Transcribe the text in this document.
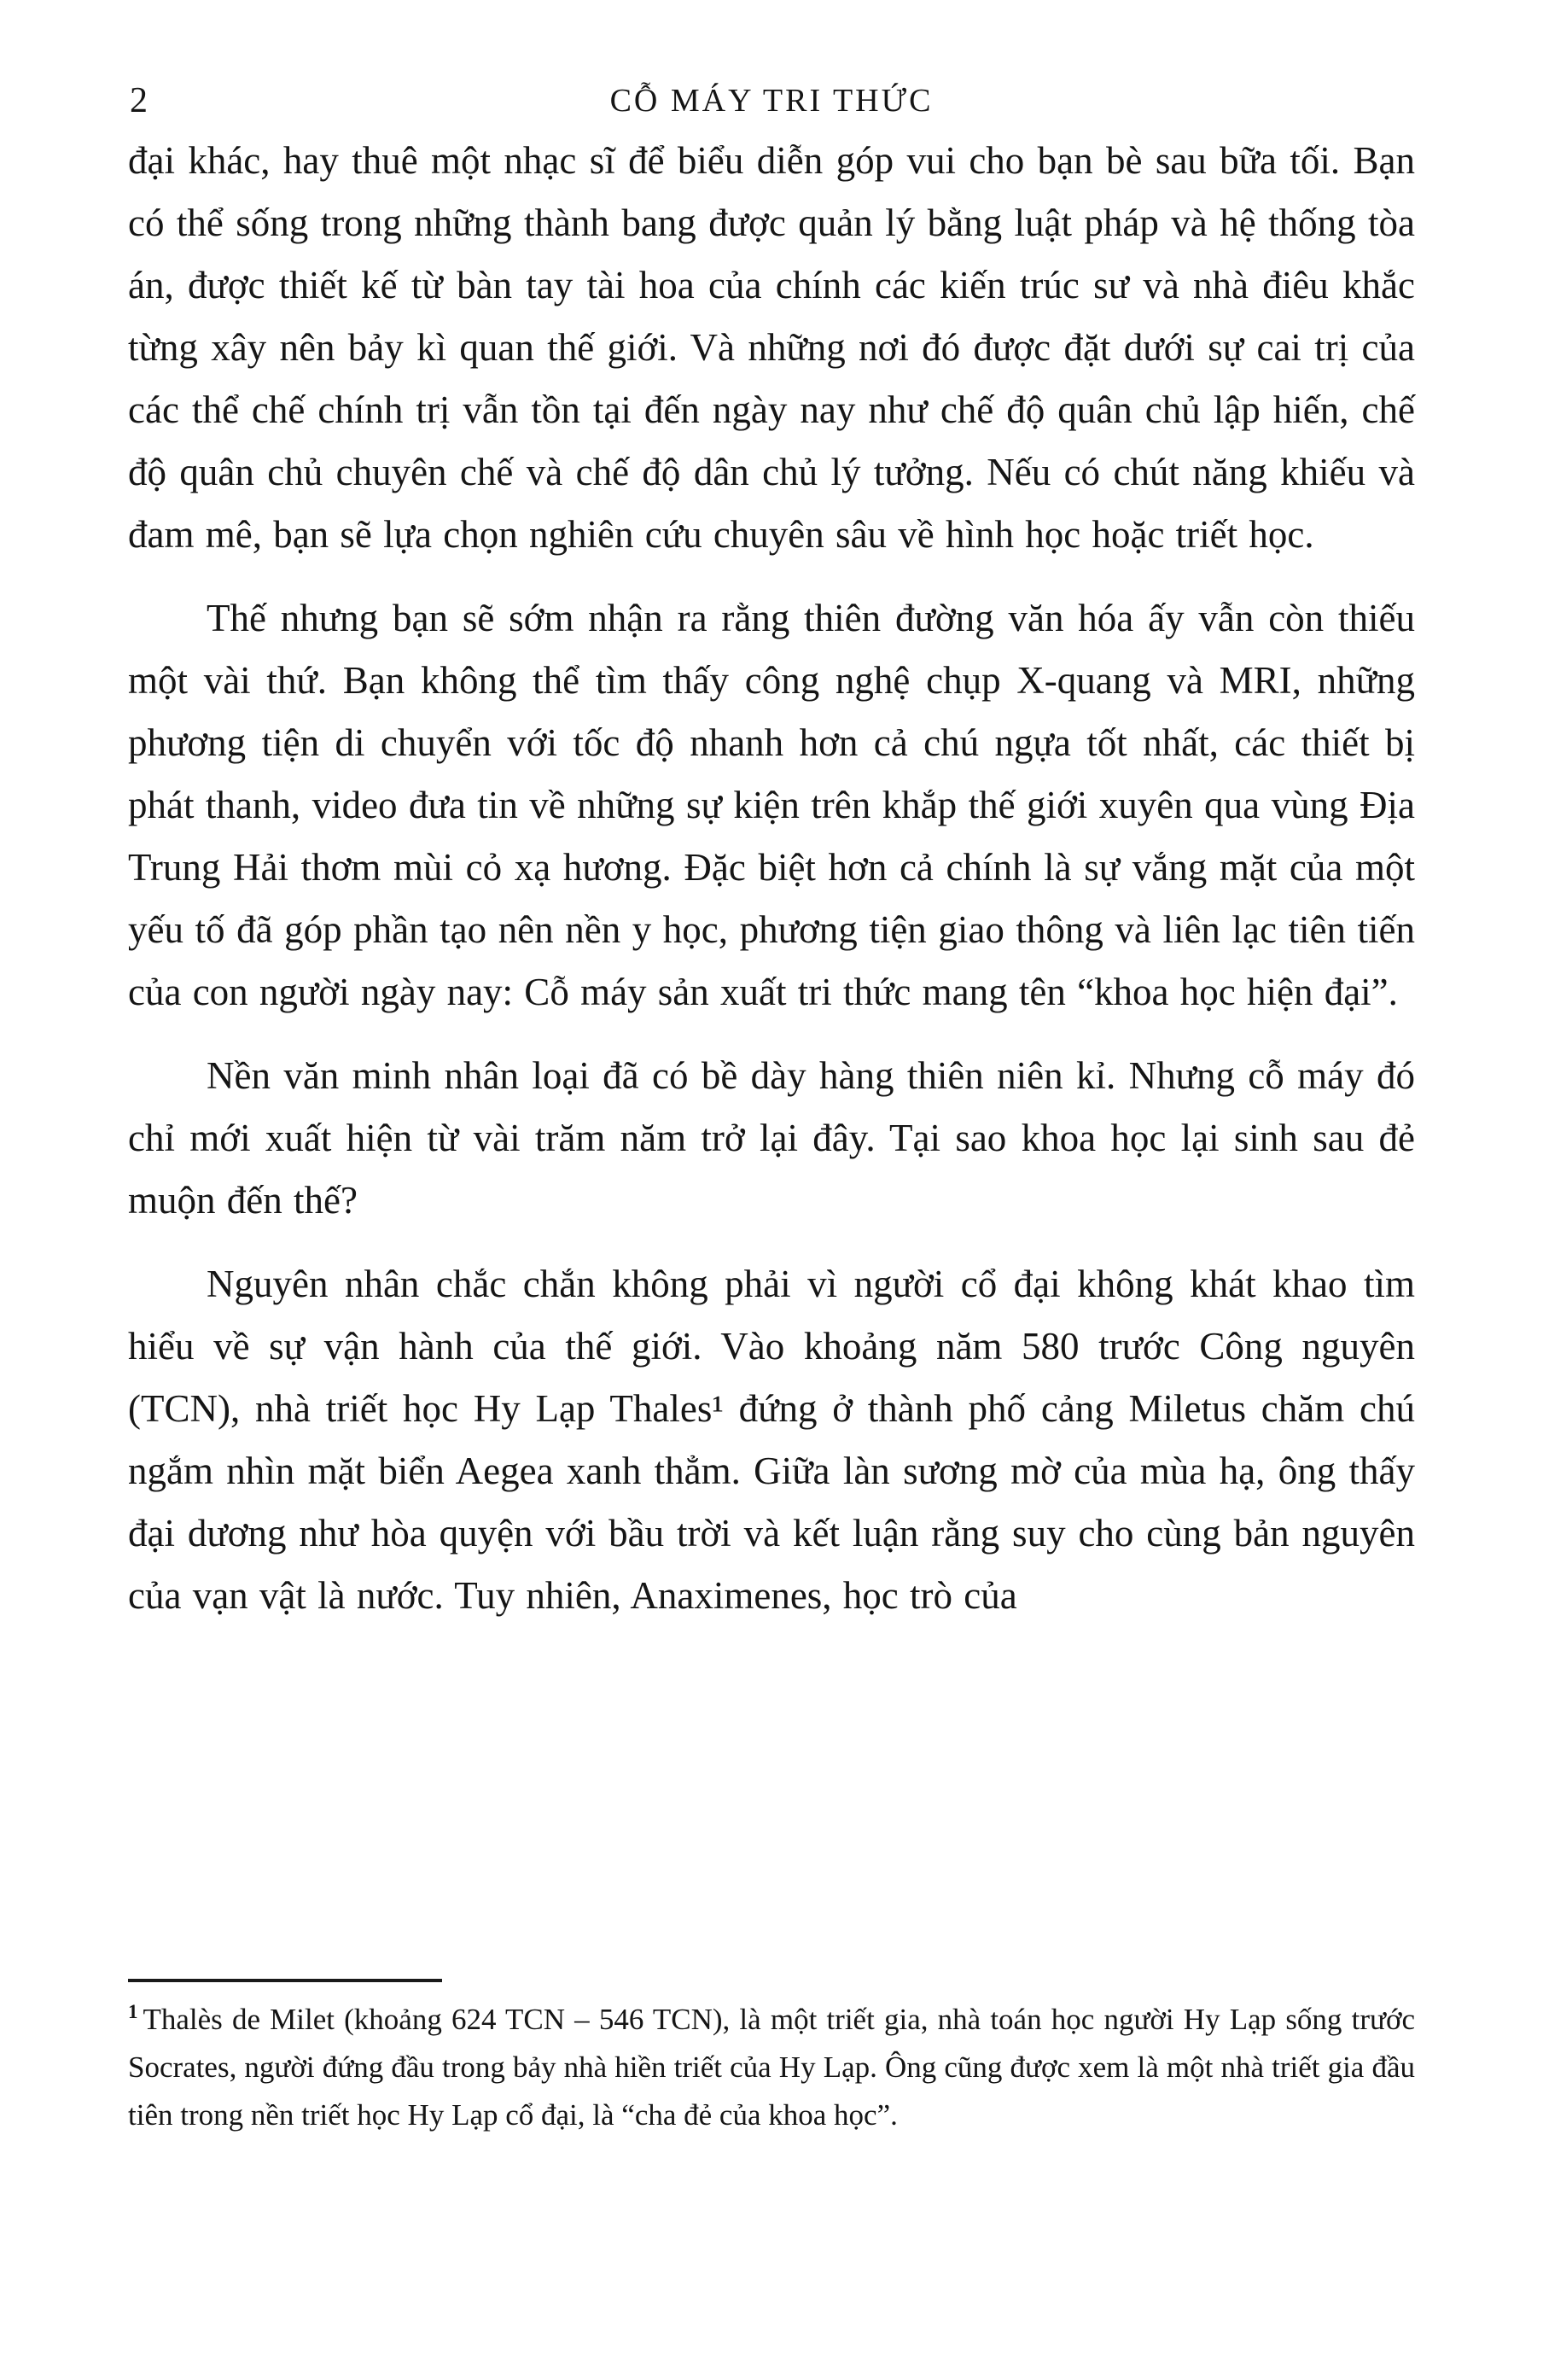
2	CỖ MÁY TRI THỨC

đại khác, hay thuê một nhạc sĩ để biểu diễn góp vui cho bạn bè sau bữa tối. Bạn có thể sống trong những thành bang được quản lý bằng luật pháp và hệ thống tòa án, được thiết kế từ bàn tay tài hoa của chính các kiến trúc sư và nhà điêu khắc từng xây nên bảy kì quan thế giới. Và những nơi đó được đặt dưới sự cai trị của các thể chế chính trị vẫn tồn tại đến ngày nay như chế độ quân chủ lập hiến, chế độ quân chủ chuyên chế và chế độ dân chủ lý tưởng. Nếu có chút năng khiếu và đam mê, bạn sẽ lựa chọn nghiên cứu chuyên sâu về hình học hoặc triết học.

Thế nhưng bạn sẽ sớm nhận ra rằng thiên đường văn hóa ấy vẫn còn thiếu một vài thứ. Bạn không thể tìm thấy công nghệ chụp X-quang và MRI, những phương tiện di chuyển với tốc độ nhanh hơn cả chú ngựa tốt nhất, các thiết bị phát thanh, video đưa tin về những sự kiện trên khắp thế giới xuyên qua vùng Địa Trung Hải thơm mùi cỏ xạ hương. Đặc biệt hơn cả chính là sự vắng mặt của một yếu tố đã góp phần tạo nên nền y học, phương tiện giao thông và liên lạc tiên tiến của con người ngày nay: Cỗ máy sản xuất tri thức mang tên “khoa học hiện đại”.

Nền văn minh nhân loại đã có bề dày hàng thiên niên kỉ. Nhưng cỗ máy đó chỉ mới xuất hiện từ vài trăm năm trở lại đây. Tại sao khoa học lại sinh sau đẻ muộn đến thế?

Nguyên nhân chắc chắn không phải vì người cổ đại không khát khao tìm hiểu về sự vận hành của thế giới. Vào khoảng năm 580 trước Công nguyên (TCN), nhà triết học Hy Lạp Thales¹ đứng ở thành phố cảng Miletus chăm chú ngắm nhìn mặt biển Aegea xanh thẳm. Giữa làn sương mờ của mùa hạ, ông thấy đại dương như hòa quyện với bầu trời và kết luận rằng suy cho cùng bản nguyên của vạn vật là nước. Tuy nhiên, Anaximenes, học trò của

$^1$ Thalès de Milet (khoảng 624 TCN – 546 TCN), là một triết gia, nhà toán học người Hy Lạp sống trước Socrates, người đứng đầu trong bảy nhà hiền triết của Hy Lạp. Ông cũng được xem là một nhà triết gia đầu tiên trong nền triết học Hy Lạp cổ đại, là “cha đẻ của khoa học”.
